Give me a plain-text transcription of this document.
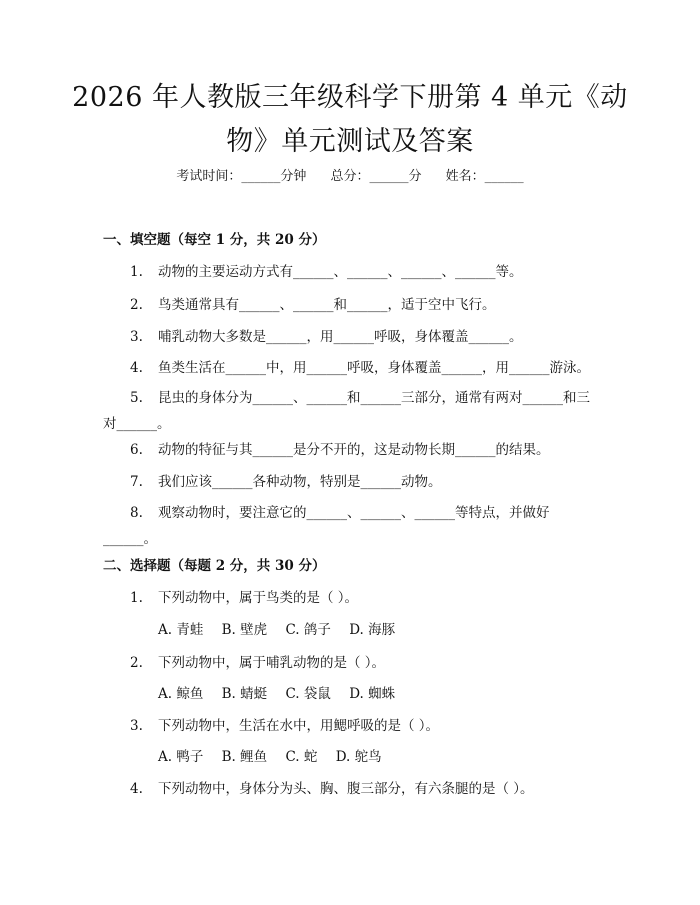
2026 年人教版三年级科学下册第 4 单元《动
物》单元测试及答案
考试时间：______分钟 总分：______分 姓名：______
一、填空题（每空 1 分，共 20 分）
1. 动物的主要运动方式有______、______、______、______等。
2. 鸟类通常具有______、______和______，适于空中飞行。
3. 哺乳动物大多数是______，用______呼吸，身体覆盖______。
4. 鱼类生活在______中，用______呼吸，身体覆盖______，用______游泳。
5. 昆虫的身体分为______、______和______三部分，通常有两对______和三对______。
6. 动物的特征与其______是分不开的，这是动物长期______的结果。
7. 我们应该______各种动物，特别是______动物。
8. 观察动物时，要注意它的______、______、______等特点，并做好______。
二、选择题（每题 2 分，共 30 分）
1. 下列动物中，属于鸟类的是（ ）。
A. 青蛙 B. 壁虎 C. 鸽子 D. 海豚
2. 下列动物中，属于哺乳动物的是（ ）。
A. 鲸鱼 B. 蜻蜓 C. 袋鼠 D. 蜘蛛
3. 下列动物中，生活在水中，用鳃呼吸的是（ ）。
A. 鸭子 B. 鲤鱼 C. 蛇 D. 鸵鸟
4. 下列动物中，身体分为头、胸、腹三部分，有六条腿的是（ ）。
